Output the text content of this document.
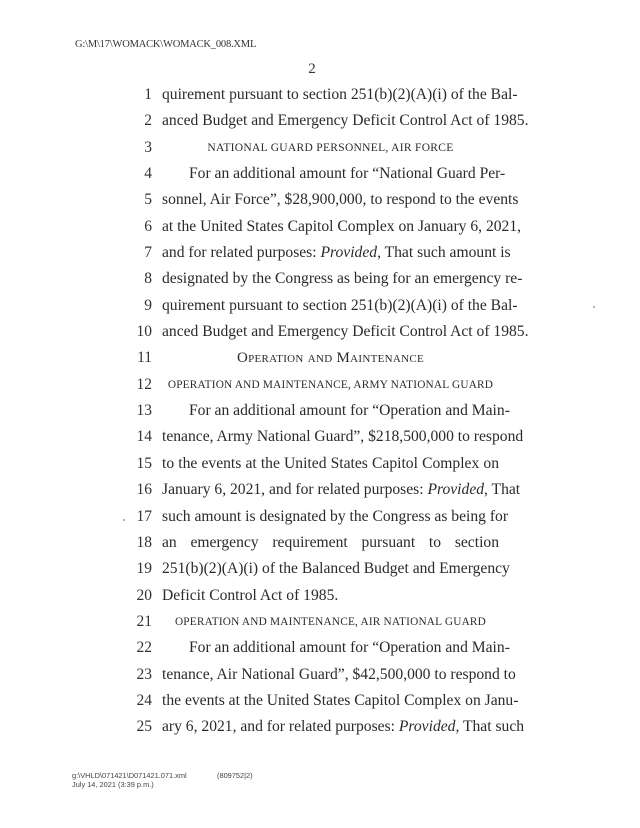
G:\M\17\WOMACK\WOMACK_008.XML
2
1 quirement pursuant to section 251(b)(2)(A)(i) of the Bal-
2 anced Budget and Emergency Deficit Control Act of 1985.
3	NATIONAL GUARD PERSONNEL, AIR FORCE
4 For an additional amount for “National Guard Per-
5 sonnel, Air Force”, $28,900,000, to respond to the events
6 at the United States Capitol Complex on January 6, 2021,
7 and for related purposes: Provided, That such amount is
8 designated by the Congress as being for an emergency re-
9 quirement pursuant to section 251(b)(2)(A)(i) of the Bal-
10 anced Budget and Emergency Deficit Control Act of 1985.
11	Operation and Maintenance
12	OPERATION AND MAINTENANCE, ARMY NATIONAL GUARD
13 For an additional amount for “Operation and Main-
14 tenance, Army National Guard”, $218,500,000 to respond
15 to the events at the United States Capitol Complex on
16 January 6, 2021, and for related purposes: Provided, That
17 such amount is designated by the Congress as being for
18 an emergency requirement pursuant to section
19 251(b)(2)(A)(i) of the Balanced Budget and Emergency
20 Deficit Control Act of 1985.
21	OPERATION AND MAINTENANCE, AIR NATIONAL GUARD
22 For an additional amount for “Operation and Main-
23 tenance, Air National Guard”, $42,500,000 to respond to
24 the events at the United States Capitol Complex on Janu-
25 ary 6, 2021, and for related purposes: Provided, That such
g:\VHLD\071421\D071421.071.xml	(809752|2)
July 14, 2021 (3:39 p.m.)
